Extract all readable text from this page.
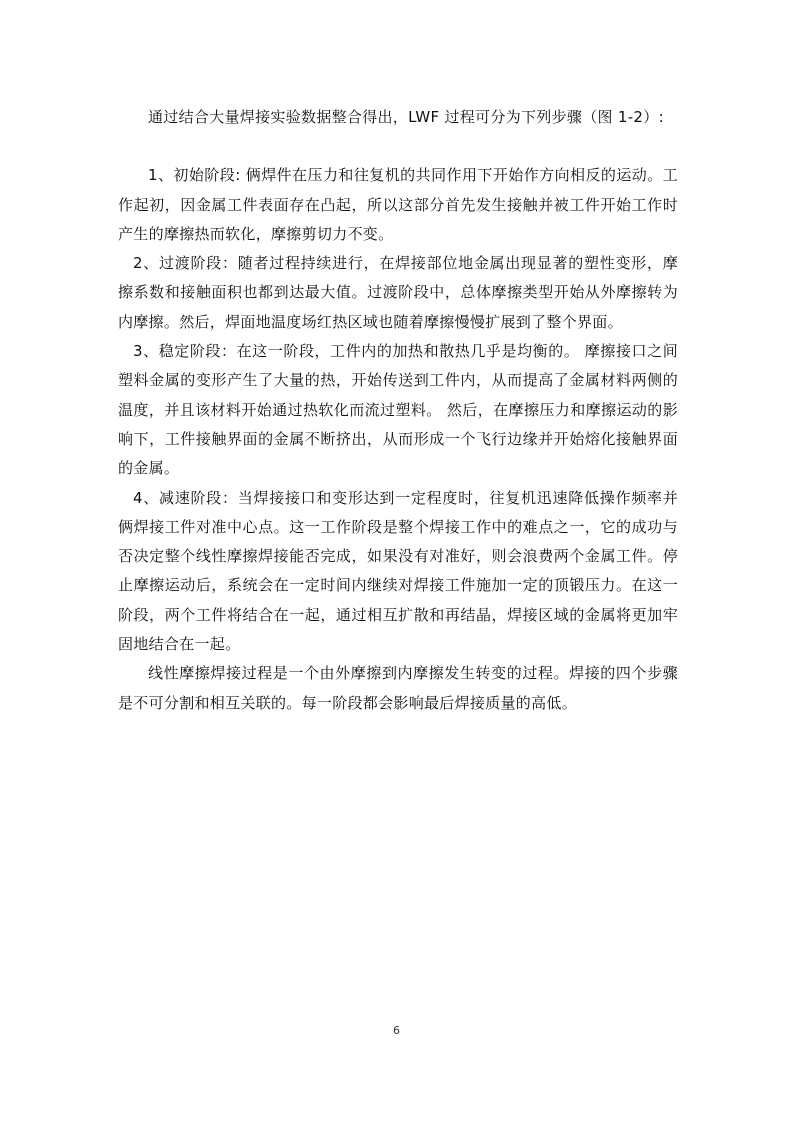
通过结合大量焊接实验数据整合得出，LWF 过程可分为下列步骤（图 1-2）:

1、初始阶段: 俩焊件在压力和往复机的共同作用下开始作方向相反的运动。工作起初，因金属工件表面存在凸起，所以这部分首先发生接触并被工件开始工作时产生的摩擦热而软化，摩擦剪切力不变。

2、过渡阶段：随者过程持续进行，在焊接部位地金属出现显著的塑性变形，摩擦系数和接触面积也都到达最大值。过渡阶段中，总体摩擦类型开始从外摩擦转为内摩擦。然后，焊面地温度场红热区域也随着摩擦慢慢扩展到了整个界面。

3、稳定阶段：在这一阶段，工件内的加热和散热几乎是均衡的。 摩擦接口之间塑料金属的变形产生了大量的热，开始传送到工件内，从而提高了金属材料两侧的温度，并且该材料开始通过热软化而流过塑料。 然后，在摩擦压力和摩擦运动的影响下，工件接触界面的金属不断挤出，从而形成一个飞行边缘并开始熔化接触界面的金属。

4、减速阶段：当焊接接口和变形达到一定程度时，往复机迅速降低操作频率并俩焊接工件对准中心点。这一工作阶段是整个焊接工作中的难点之一，它的成功与否决定整个线性摩擦焊接能否完成，如果没有对准好，则会浪费两个金属工件。停止摩擦运动后，系统会在一定时间内继续对焊接工件施加一定的顶锻压力。在这一阶段，两个工件将结合在一起，通过相互扩散和再结晶，焊接区域的金属将更加牢固地结合在一起。

线性摩擦焊接过程是一个由外摩擦到内摩擦发生转变的过程。焊接的四个步骤是不可分割和相互关联的。每一阶段都会影响最后焊接质量的高低。

6
